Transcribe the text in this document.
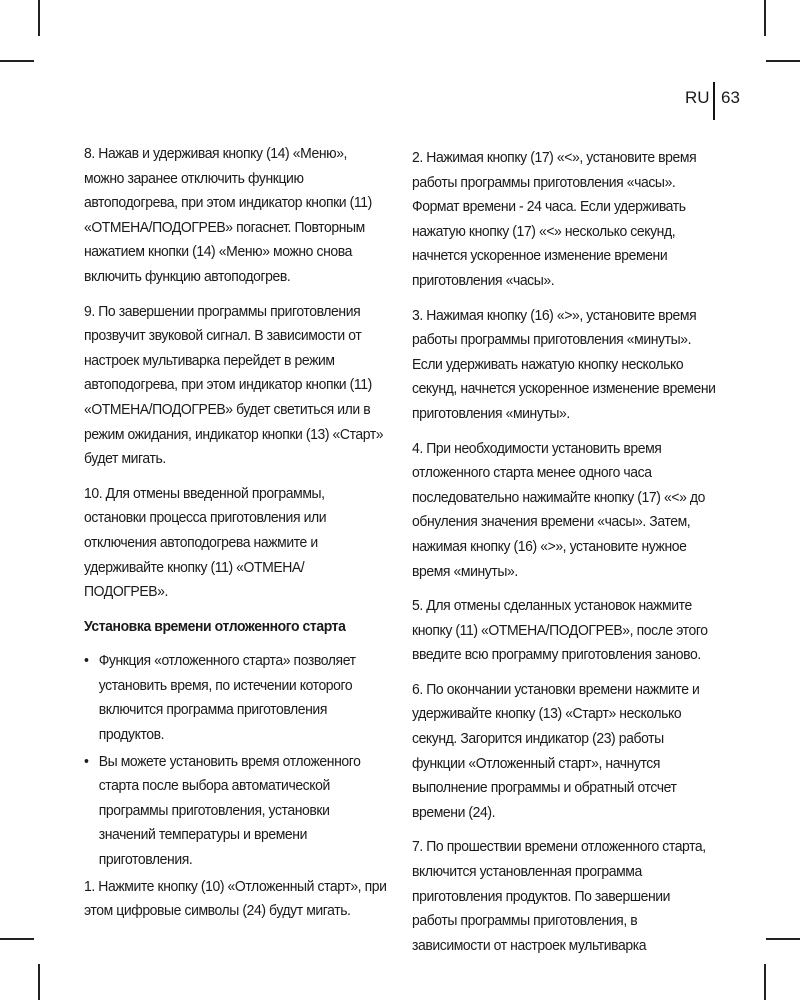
RU 63

8. Нажав и удерживая кнопку (14) «Меню», можно заранее отключить функцию автоподогрева, при этом индикатор кнопки (11) «ОТМЕНА/ПОДОГРЕВ» погаснет. Повторным нажатием кнопки (14) «Меню» можно снова включить функцию автоподогрев.

9. По завершении программы приготовления прозвучит звуковой сигнал. В зависимости от настроек мультиварка перейдет в режим автоподогрева, при этом индикатор кнопки (11) «ОТМЕНА/ПОДОГРЕВ» будет светиться или в режим ожидания, индикатор кнопки (13) «Старт» будет мигать.

10. Для отмены введенной программы, остановки процесса приготовления или отключения автоподогрева нажмите и удерживайте кнопку (11) «ОТМЕНА/ПОДОГРЕВ».

Установка времени отложенного старта
• Функция «отложенного старта» позволяет установить время, по истечении которого включится программа приготовления продуктов.
• Вы можете установить время отложенного старта после выбора автоматической программы приготовления, установки значений температуры и времени приготовления.

1. Нажмите кнопку (10) «Отложенный старт», при этом цифровые символы (24) будут мигать.

2. Нажимая кнопку (17) «<», установите время работы программы приготовления «часы». Формат времени - 24 часа. Если удерживать нажатую кнопку (17) «<» несколько секунд, начнется ускоренное изменение времени приготовления «часы».

3. Нажимая кнопку (16) «>», установите время работы программы приготовления «минуты». Если удерживать нажатую кнопку несколько секунд, начнется ускоренное изменение времени приготовления «минуты».

4. При необходимости установить время отложенного старта менее одного часа последовательно нажимайте кнопку (17) «<» до обнуления значения времени «часы». Затем, нажимая кнопку (16) «>», установите нужное время «минуты».

5. Для отмены сделанных установок нажмите кнопку (11) «ОТМЕНА/ПОДОГРЕВ», после этого введите всю программу приготовления заново.

6. По окончании установки времени нажмите и удерживайте кнопку (13) «Старт» несколько секунд. Загорится индикатор (23) работы функции «Отложенный старт», начнутся выполнение программы и обратный отсчет времени (24).

7. По прошествии времени отложенного старта, включится установленная программа приготовления продуктов. По завершении работы программы приготовления, в зависимости от настроек мультиварка
